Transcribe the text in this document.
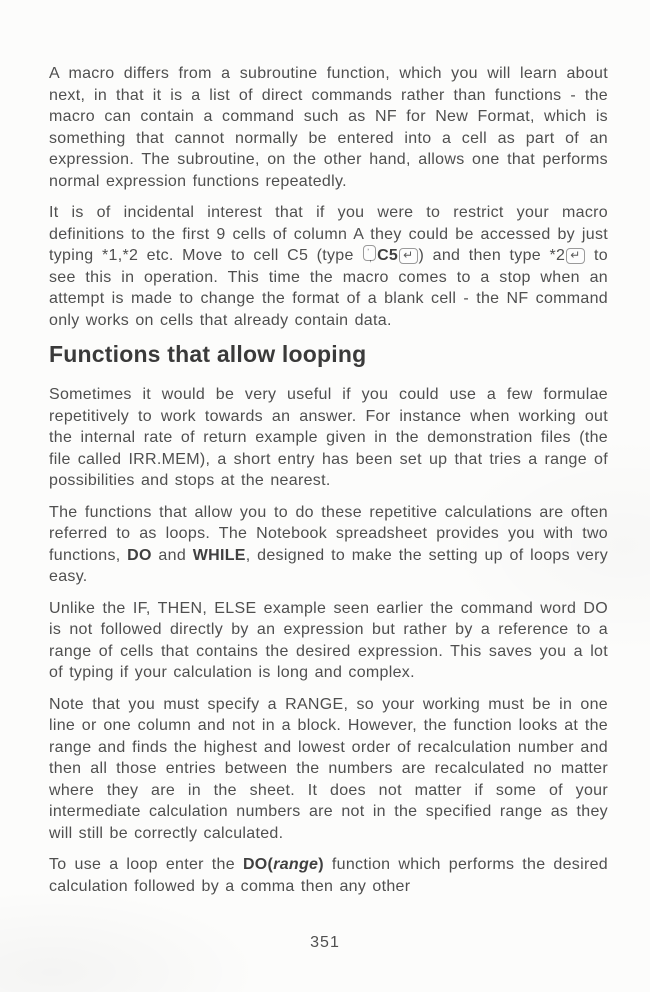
A macro differs from a subroutine function, which you will learn about next, in that it is a list of direct commands rather than functions - the macro can contain a command such as NF for New Format, which is something that cannot normally be entered into a cell as part of an expression. The subroutine, on the other hand, allows one that performs normal expression functions repeatedly.

It is of incidental interest that if you were to restrict your macro definitions to the first 9 cells of column A they could be accessed by just typing *1,*2 etc. Move to cell C5 (type $^ʼ$, C5 ↵ ) and then type *2 ↵ to see this in operation. This time the macro comes to a stop when an attempt is made to change the format of a blank cell - the NF command only works on cells that already contain data.

Functions that allow looping

Sometimes it would be very useful if you could use a few formulae repetitively to work towards an answer. For instance when working out the internal rate of return example given in the demonstration files (the file called IRR.MEM), a short entry has been set up that tries a range of possibilities and stops at the nearest.

The functions that allow you to do these repetitive calculations are often referred to as loops. The Notebook spreadsheet provides you with two functions, DO and WHILE, designed to make the setting up of loops very easy.

Unlike the IF, THEN, ELSE example seen earlier the command word DO is not followed directly by an expression but rather by a reference to a range of cells that contains the desired expression. This saves you a lot of typing if your calculation is long and complex.

Note that you must specify a RANGE, so your working must be in one line or one column and not in a block. However, the function looks at the range and finds the highest and lowest order of recalculation number and then all those entries between the numbers are recalculated no matter where they are in the sheet. It does not matter if some of your intermediate calculation numbers are not in the specified range as they will still be correctly calculated.

To use a loop enter the DO(range) function which performs the desired calculation followed by a comma then any other

351
